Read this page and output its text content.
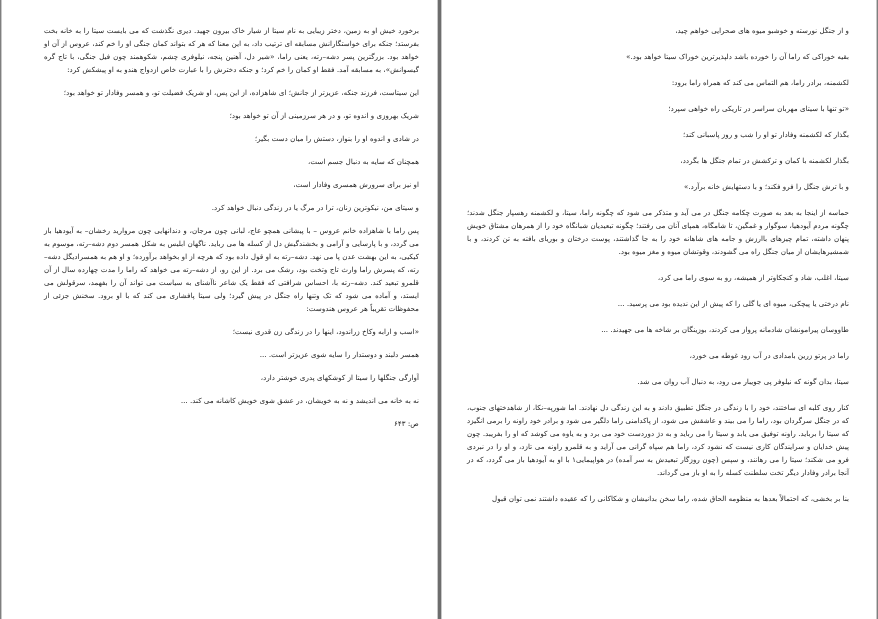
برخورد خیش او به زمین، دختر زیبایی به نام سیتا از شیار خاک بیرون جهید. دیری نگذشت که می بایست سیتا را به خانه بخت بفرستد؛ جنکه برای خواستگارانش مسابقه ای ترتیب داد، به این معنا که هر که بتواند کمان جنگی او را خم کند، عروس از آن او خواهد بود. بزرگترین پسر دشه–رته، یعنی راما، «شیر دل، آهنین پنجه، نیلوفری چشم، شکوهمند چون فیل جنگی، با تاج گره گیسوانش»، به مسابقه آمد. فقط او کمان را خم کرد؛ و جنکه دخترش را با عبارت خاص ازدواج هندو به او پیشکش کرد:
این سیتاست، فرزند جنکه، عزیزتر از جانش؛ ای شاهزاده، از این پس، او شریک فضیلت تو، و همسر وفادار تو خواهد بود؛
شریک بهروزی و اندوه تو، و در هر سرزمینی از آن تو خواهد بود؛
در شادی و اندوه او را بنواز، دستش را میان دست بگیر؛
همچنان که سایه به دنبال جسم است،
او نیز برای سرورش همسری وفادار است،
و سیتای من، نیکوترین زنان، ترا در مرگ یا در زندگی دنبال خواهد کرد.
پس راما با شاهزاده خانم عروس – با پیشانی همچو عاج، لبانی چون مرجان، و دندانهایی چون مروارید رخشان– به آیودهیا باز می گردد، و با پارسایی و آرامی و بخشندگیش دل از کسله ها می رباید. ناگهان ابلیس به شکل همسر دوم دشه–رته، موسوم به کیکیی، به این بهشت عدن پا می نهد. دشه–رته به او قول داده بود که هرچه از او بخواهد برآورده؛ و او هم به همسرادیگل دشه–رته، که پسرش راما وارث تاج وتخت بود، رشک می برد. از این رو، از دشه–رته می خواهد که راما را مدت چهارده سال از آن قلمرو تبعید کند. دشه–رته با، احساس شرافتی که فقط یک شاعر ناآشنای به سیاست می تواند آن را بفهمد، سرقولش می ایستد، و آماده می شود که تک وتنها راه جنگل در پیش گیرد؛ ولی سیتا پافشاری می کند که با او برود. سخنش جزئی از محفوظات تقریباً هر عروس هندوست:
«اسب و ارابه وکاخ زراندود، اینها را در زندگی زن قدری نیست؛
همسر دلبند و دوستدار را سایه شوی عزیزتر است. ...
آوارگی جنگلها را سیتا از کوشکهای پدری خوشتر دارد،
نه به خانه می اندیشد و نه به خویشان، در عشق شوی خویش کاشانه می کند. ...
ص: ۶۴۳
و از جنگل نورسته و خوشبو میوه های صحرایی خواهم چید،
بقیه خوراکی که راما آن را خورده باشد دلپذیرترین خوراک سیتا خواهد بود.»
لکشمنه، برادر راما، هم التماس می کند که همراه راما برود:
«تو تنها با سیتای مهربان سراسر در تاریکی راه خواهی سپرد؛
بگذار که لکشمنه وفادار تو او را شب و روز پاسبانی کند؛
بگذار لکشمنه با کمان و ترکشش در تمام جنگل ها بگردد،
و با ترش جنگل را فرو فکند؛ و با دستهایش خانه برآرد.»
حماسه از اینجا به بعد به صورت چکامه جنگل در می آید و متذکر می شود که چگونه راما، سیتا، و لکشمنه رهسپار جنگل شدند؛ چگونه مردم آیودهیا، سوگوار و غمگین، تا شامگاه، همپای آنان می رفتند؛ چگونه تبعیدیان شبانگاه خود را از همرهان مشتاق خویش پنهان داشته، تمام چیزهای باارزش و جامه های شاهانه خود را به جا گذاشتند، پوست درختان و بوریای بافته به تن کردند، و با شمشیرهایشان از میان جنگل راه می گشودند، وقوتشان میوه و مغز میوه بود.
سیتا، اغلب، شاد و کنجکاوتر از همیشه، رو به سوی راما می کرد،
نام درختی یا پیچکی، میوه ای یا گلی را که پیش از این ندیده بود می پرسید. ...
طاووسان پیرامونشان شادمانه پرواز می کردند، بوزینگان بر شاخه ها می جهیدند. ...
راما در پرتو زرین بامدادی در آب رود غوطه می خورد،
سیتا، بدان گونه که نیلوفر پی جویبار می رود، به دنبال آب روان می شد.
کنار روی کلبه ای ساختند، خود را با زندگی در جنگل تطبیق دادند و به این زندگی دل نهادند. اما شورپه–نکا، از شاهدختهای جنوب، که در جنگل سرگردان بود، راما را می بیند و عاشقش می شود، از پاکدامنی راما دلگیر می شود و برادر خود راونه را برمی انگیزد که سیتا را برباید. راونه توفیق می یابد و سیتا را می رباید و به دژ دوردست خود می برد و به یاوه می کوشد که او را بفریبد. چون پیش خدایان و سرایندگان کاری نیست که نشود کرد، راما هم سپاه گرانی می آراید و به قلمرو راونه می تازد، و او را در نبردی فرو می شکند؛ سیتا را می رهانند، و سپس (چون روزگار تبعیدش به سر آمده) در هواپیمایی۱ با او به آیودهیا باز می گردد، که در آنجا برادر وفادار دیگر تخت سلطنت کسله را به او باز می گرداند.
بنا بر بخشی، که احتمالاً بعدها به منظومه الحاق شده، راما سخن بدانیشان و شکاکانی را که عقیده داشتند نمی توان قبول
